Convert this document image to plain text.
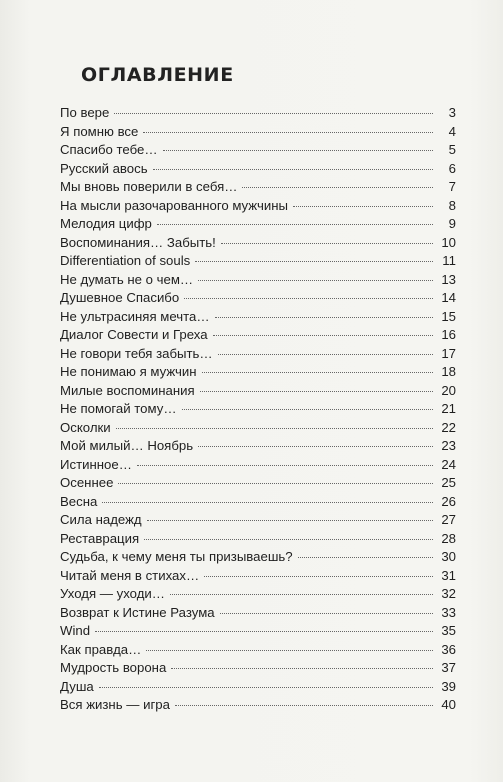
ОГЛАВЛЕНИЕ
По вере	3
Я помню все	4
Спасибо тебе…	5
Русский авось	6
Мы вновь поверили в себя…	7
На мысли разочарованного мужчины	8
Мелодия цифр	9
Воспоминания… Забыть!	10
Differentiation of souls	11
Не думать не о чем…	13
Душевное Спасибо	14
Не ультрасиняя мечта…	15
Диалог Совести и Греха	16
Не говори тебя забыть…	17
Не понимаю я мужчин	18
Милые воспоминания	20
Не помогай тому…	21
Осколки	22
Мой милый… Ноябрь	23
Истинное…	24
Осеннее	25
Весна	26
Сила надежд	27
Реставрация	28
Судьба, к чему меня ты призываешь?	30
Читай меня в стихах…	31
Уходя — уходи…	32
Возврат к Истине Разума	33
Wind	35
Как правда…	36
Мудрость ворона	37
Душа	39
Вся жизнь — игра	40
